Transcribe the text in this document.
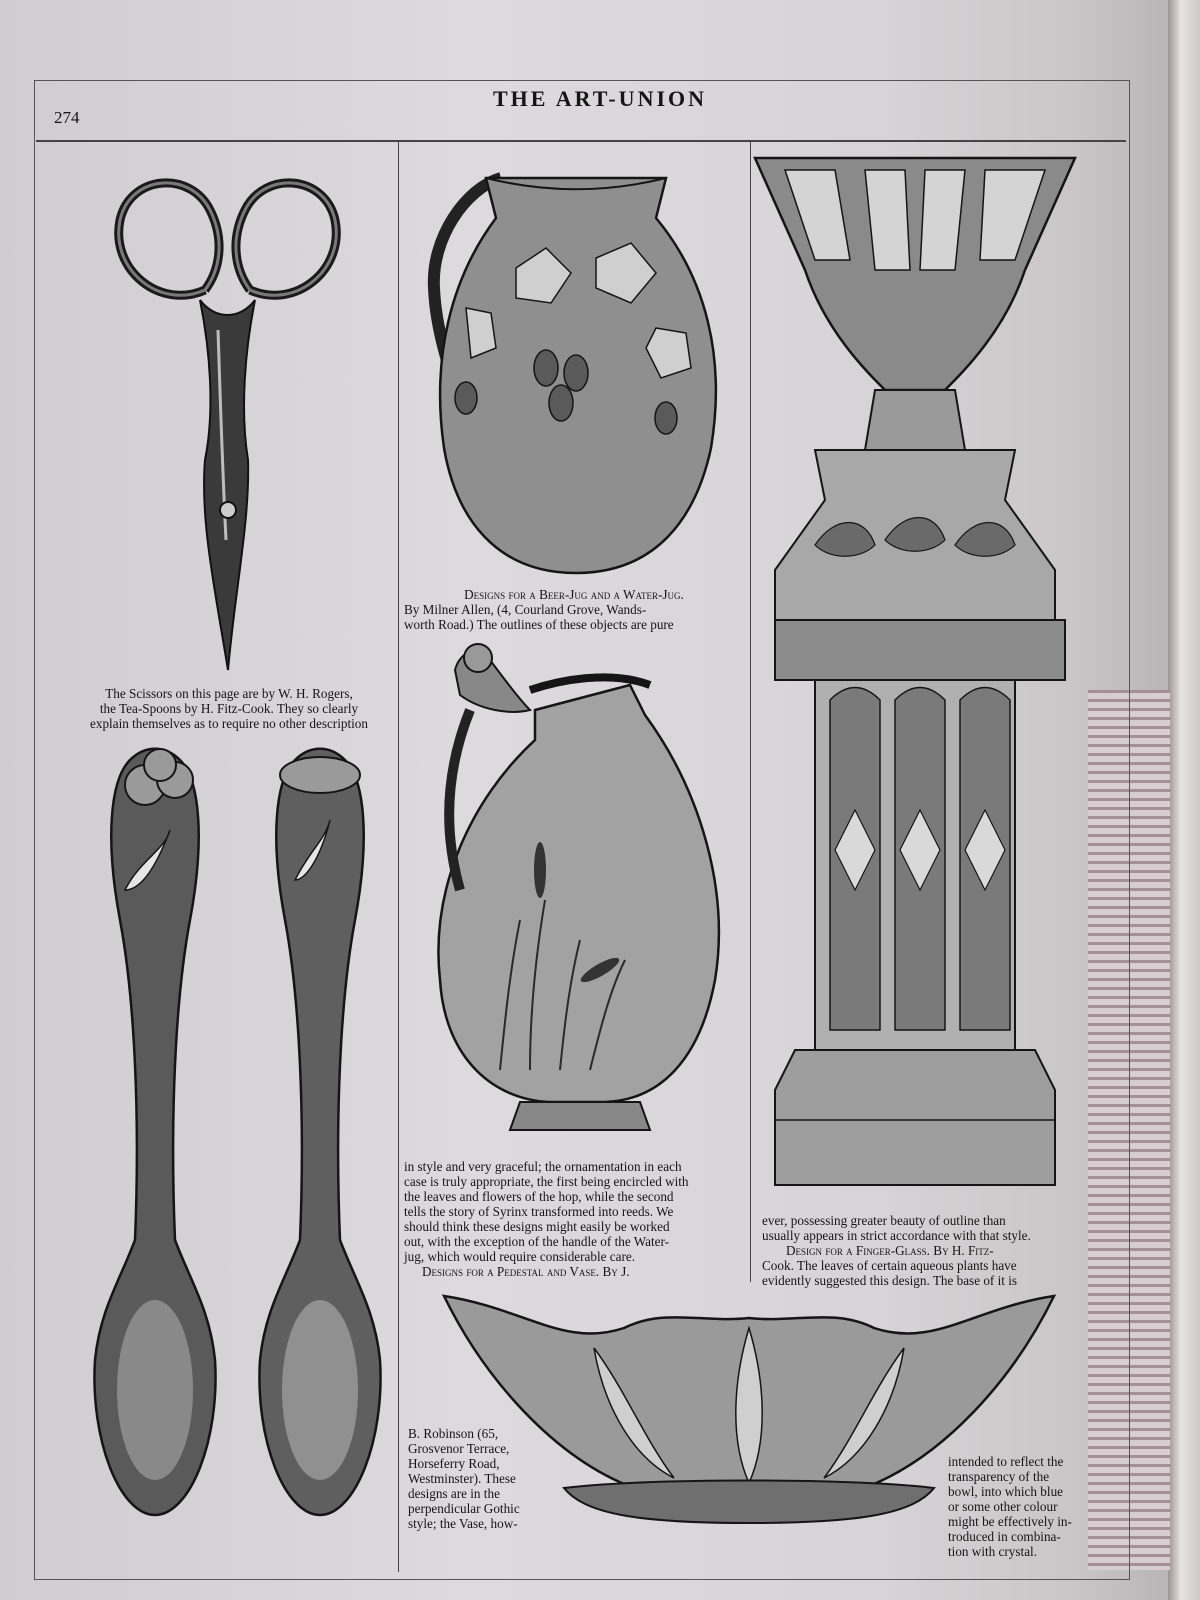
274
THE ART-UNION
The Scissors on this page are by W. H. Rogers,
the Tea-Spoons by H. Fitz-Cook. They so clearly
explain themselves as to require no other description
Designs for a Beer-Jug and a Water-Jug.
By Milner Allen, (4, Courland Grove, Wands-
worth Road.) The outlines of these objects are pure
in style and very graceful; the ornamentation in each
case is truly appropriate, the first being encircled with
the leaves and flowers of the hop, while the second
tells the story of Syrinx transformed into reeds. We
should think these designs might easily be worked
out, with the exception of the handle of the Water-
jug, which would require considerable care.
Designs for a Pedestal and Vase. By J.
ever, possessing greater beauty of outline than
usually appears in strict accordance with that style.
Design for a Finger-Glass. By H. Fitz-
Cook. The leaves of certain aqueous plants have
evidently suggested this design. The base of it is
B. Robinson (65,
Grosvenor Terrace,
Horseferry Road,
Westminster). These
designs are in the
perpendicular Gothic
style; the Vase, how-
intended to reflect the
transparency of the
bowl, into which blue
or some other colour
might be effectively in-
troduced in combina-
tion with crystal.
